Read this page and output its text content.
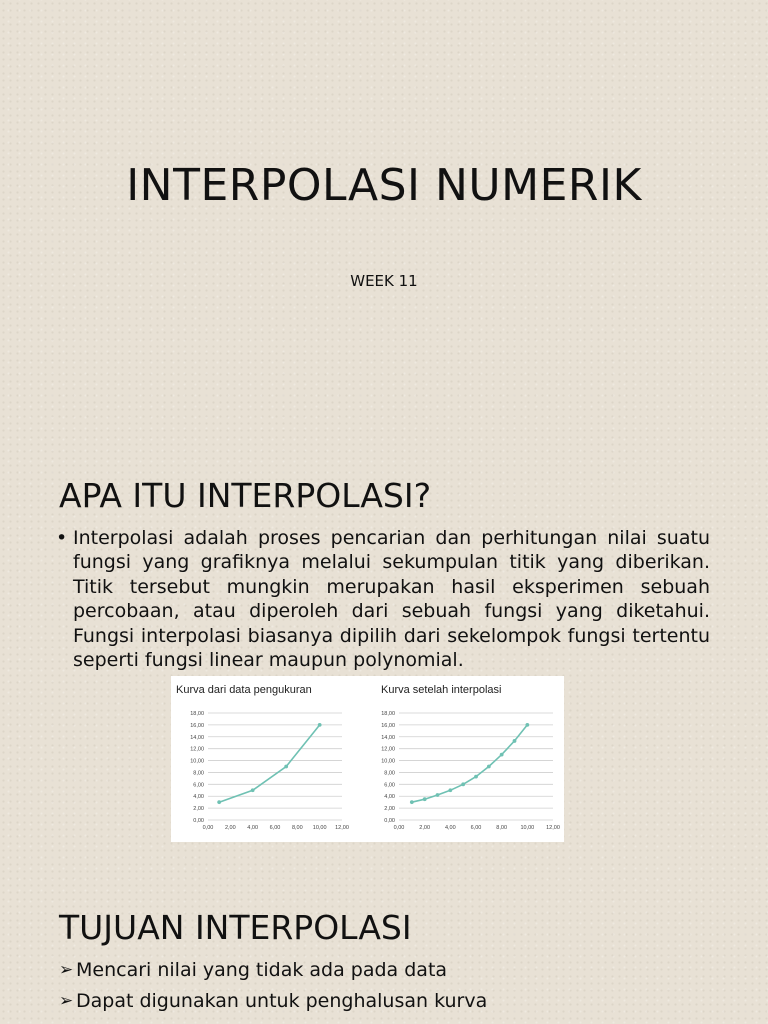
INTERPOLASI NUMERIK

WEEK 11

APA ITU INTERPOLASI?

• Interpolasi adalah proses pencarian dan perhitungan nilai suatu fungsi yang grafiknya melalui sekumpulan titik yang diberikan. Titik tersebut mungkin merupakan hasil eksperimen sebuah percobaan, atau diperoleh dari sebuah fungsi yang diketahui. Fungsi interpolasi biasanya dipilih dari sekelompok fungsi tertentu seperti fungsi linear maupun polynomial.

Kurva dari data pengukuran
0,00
2,00
4,00
6,00
8,00
10,00
12,00
14,00
16,00
18,00
0,00 2,00 4,00 6,00 8,00 10,00 12,00
Kurva setelah interpolasi
0,00
2,00
4,00
6,00
8,00
10,00
12,00
14,00
16,00
18,00
0,00	2,00	4,00	6,00	8,00 10,00 12,00
TUJUAN INTERPOLASI
➢ Mencari nilai yang tidak ada pada data
➢ Dapat digunakan untuk penghalusan kurva
